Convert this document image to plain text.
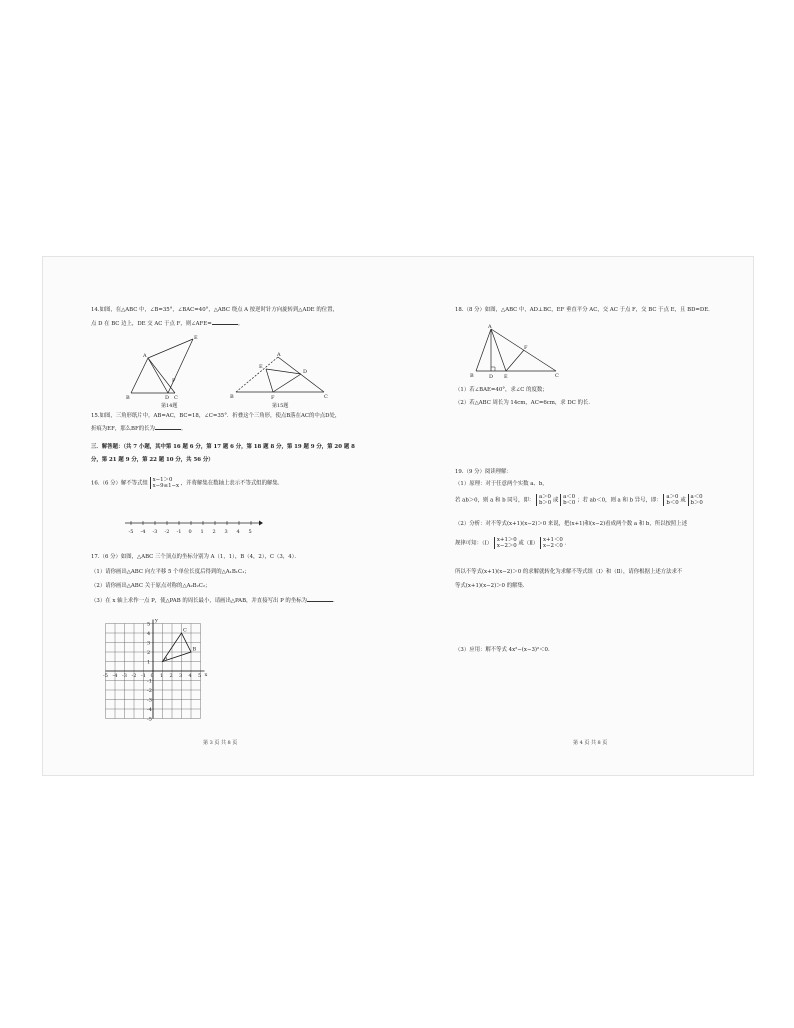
14.如图，在△ABC 中，∠B=35°，∠BAC=40°，△ABC 绕点 A 按逆时针方向旋转到△ADE 的位置，
点 D 在 BC 边上，DE 交 AC 于点 F，则∠AFE=	。
A
B	C
D
E
F
第14题
A
B	C
D
E
F
第15题
15.如图，三角形纸片中，AB=AC，BC=18，∠C=35°．折叠这个三角形，使点B落在AC的中点D处，
折痕为EF，那么BF的长为	。
三．解答题：（共 7 小题，其中第 16 题 6 分，第 17 题 6 分，第 18 题 8 分，第 19 题 9 分，第 20 题 8
分，第 21 题 9 分，第 22 题 10 分，共 56 分）
16.（6 分）解不等式组
x−1＞0
x−9≤1−x ，并将解集在数轴上表示不等式组的解集．
-5 -4 -3 -2 -1 0 1 2 3 4 5
17.（6 分）如图，△ABC 三个顶点的坐标分别为 A（1，1），B（4，2），C（3，4）．
（1）请你画出△ABC 向左平移 5 个单位长度后得到的△A₁B₁C₁；
（2）请你画出△ABC 关于原点对称的△A₂B₂C₂；
（3）在 x 轴上求作一点 P，使△PAB 的周长最小，请画出△PAB，并直接写出 P 的坐标为	．
-5 -4 -3 -2 -1 0 1 2 3 4 5
5
4
3
2
1
-1
-2
-3
-4
-5
x
y
A
B
C
第 3 页 共 8 页
18.（8 分）如图，△ABC 中，AD⊥BC，EF 垂直平分 AC，交 AC 于点 F，交 BC 于点 E，且 BD=DE．
A
B	C
D E
F
（1）若∠BAE=40°，求∠C 的度数；
（2）若△ABC 周长为 14cm，AC=6cm，求 DC 的长．
19.（9 分）阅读理解：
（1）原理：对于任意两个实数 a、b，
若 ab＞0，则 a 和 b 同号，即：
a＞0
b＞0 或
a＜0
b＜0 ；若 ab＜0，则 a 和 b 异号，即：
a＞0
b＜0 或
a＜0
b＞0
（2）分析：对不等式(x+1)(x−2)＞0 来说，把(x+1)和(x−2)看成两个数 a 和 b，所以按照上述
规律可知：（Ⅰ）
x+1＞0
x−2＞0 或（Ⅱ）
x+1＜0
x−2＜0 ．
所以不等式(x+1)(x−2)＞0 的求解就转化为求解不等式组（Ⅰ）和（Ⅱ），请你根据上述方法求不
等式(x+1)(x−2)＞0 的解集．
（3）应用：解不等式 4x²−(x−3)²＜0．
第 4 页 共 8 页
